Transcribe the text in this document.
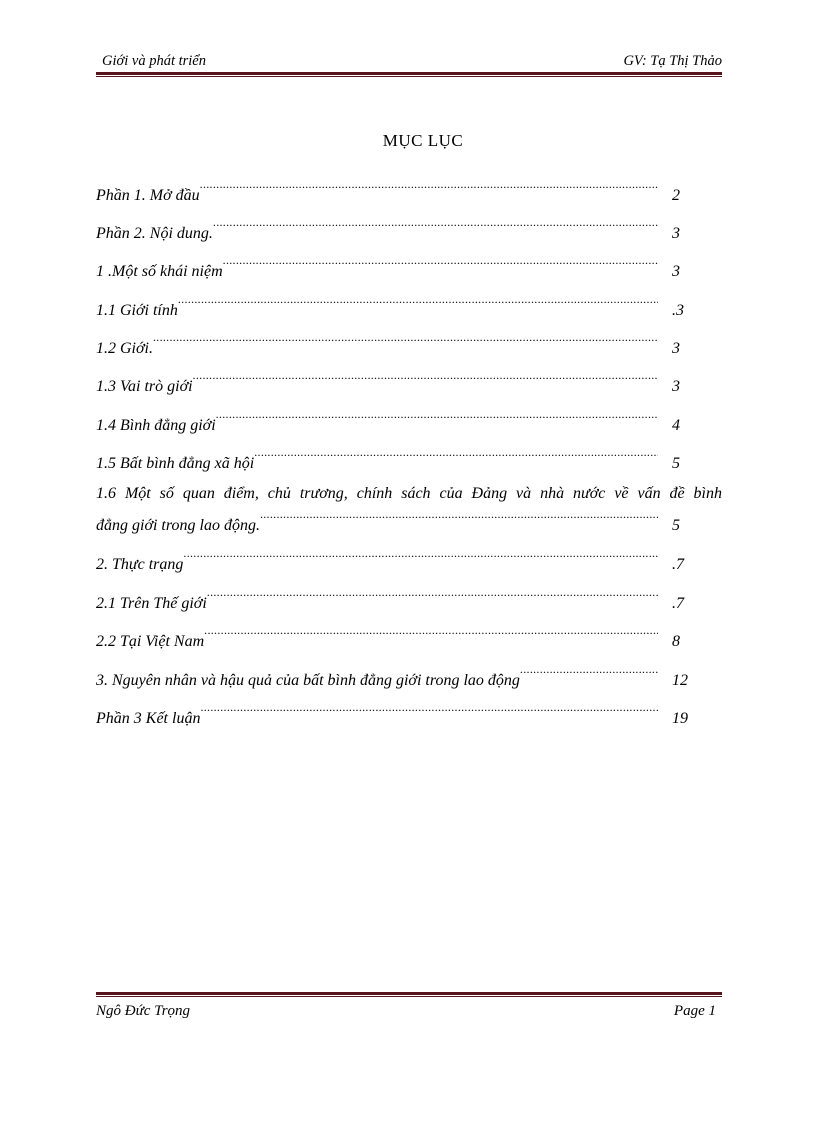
Giới và phát triển	GV: Tạ Thị Thảo
MỤC LỤC
Phần 1. Mở đầu .....	2
Phần 2. Nội dung. .....	3
1 .Một số khái niệm .....	3
1.1 Giới tính .....	.3
1.2 Giới. .....	3
1.3 Vai trò giới .....	3
1.4 Bình đẳng giới .....	4
1.5 Bất bình đẳng xã hội .....	5
1.6 Một số quan điểm, chủ trương, chính sách của Đảng và nhà nước về vấn đề bình
đẳng giới trong lao động. .....	5
2. Thực trạng .....	.7
2.1 Trên Thế giới .....	.7
2.2 Tại Việt Nam .....	8
3. Nguyên nhân và hậu quả của bất bình đẳng giới trong lao động .....	12
Phần 3 Kết luận .....	19
Ngô Đức Trọng	Page 1
